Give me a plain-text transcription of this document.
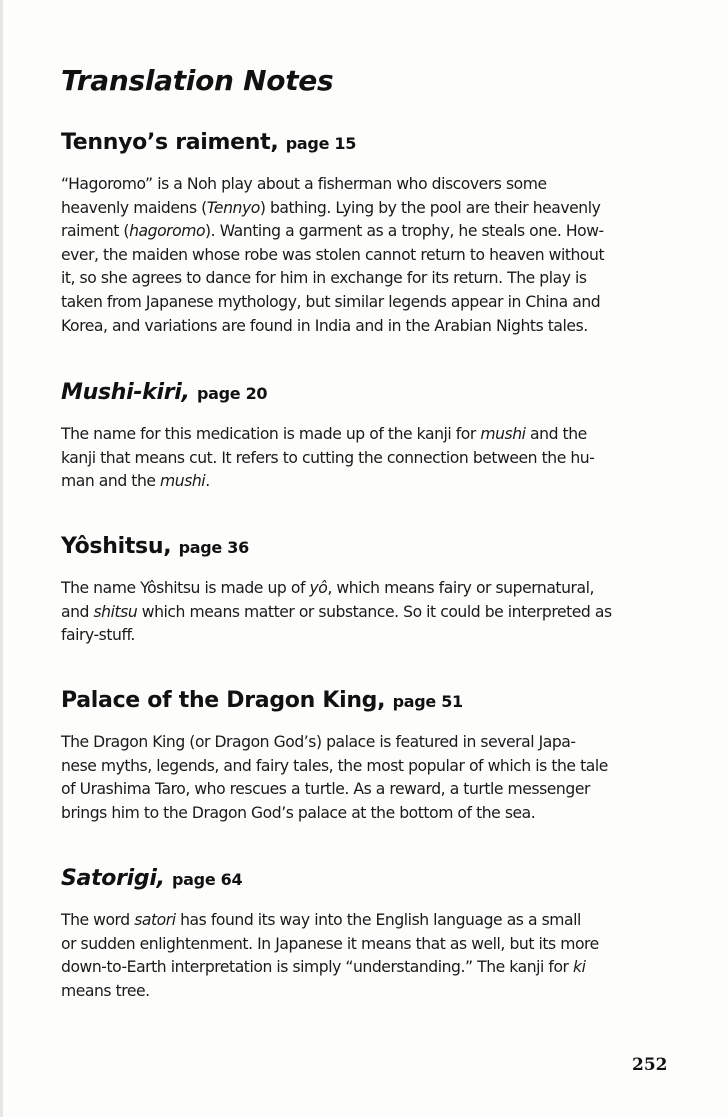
Translation Notes
Tennyo’s raiment, page 15

“Hagoromo” is a Noh play about a fisherman who discovers some

heavenly maidens (Tennyo) bathing. Lying by the pool are their heavenly

raiment (hagoromo). Wanting a garment as a trophy, he steals one. How-

ever, the maiden whose robe was stolen cannot return to heaven without

it, so she agrees to dance for him in exchange for its return. The play is

taken from Japanese mythology, but similar legends appear in China and

Korea, and variations are found in India and in the Arabian Nights tales.

Mushi-kiri, page 20

The name for this medication is made up of the kanji for mushi and the

kanji that means cut. It refers to cutting the connection between the hu-

man and the mushi.

Yôshitsu, page 36

The name Yôshitsu is made up of yô, which means fairy or supernatural,

and shitsu which means matter or substance. So it could be interpreted as

fairy-stuff.

Palace of the Dragon King, page 51

The Dragon King (or Dragon God’s) palace is featured in several Japa-

nese myths, legends, and fairy tales, the most popular of which is the tale

of Urashima Taro, who rescues a turtle. As a reward, a turtle messenger

brings him to the Dragon God’s palace at the bottom of the sea.

Satorigi, page 64

The word satori has found its way into the English language as a small

or sudden enlightenment. In Japanese it means that as well, but its more

down-to-Earth interpretation is simply “understanding.” The kanji for ki

means tree.

252
